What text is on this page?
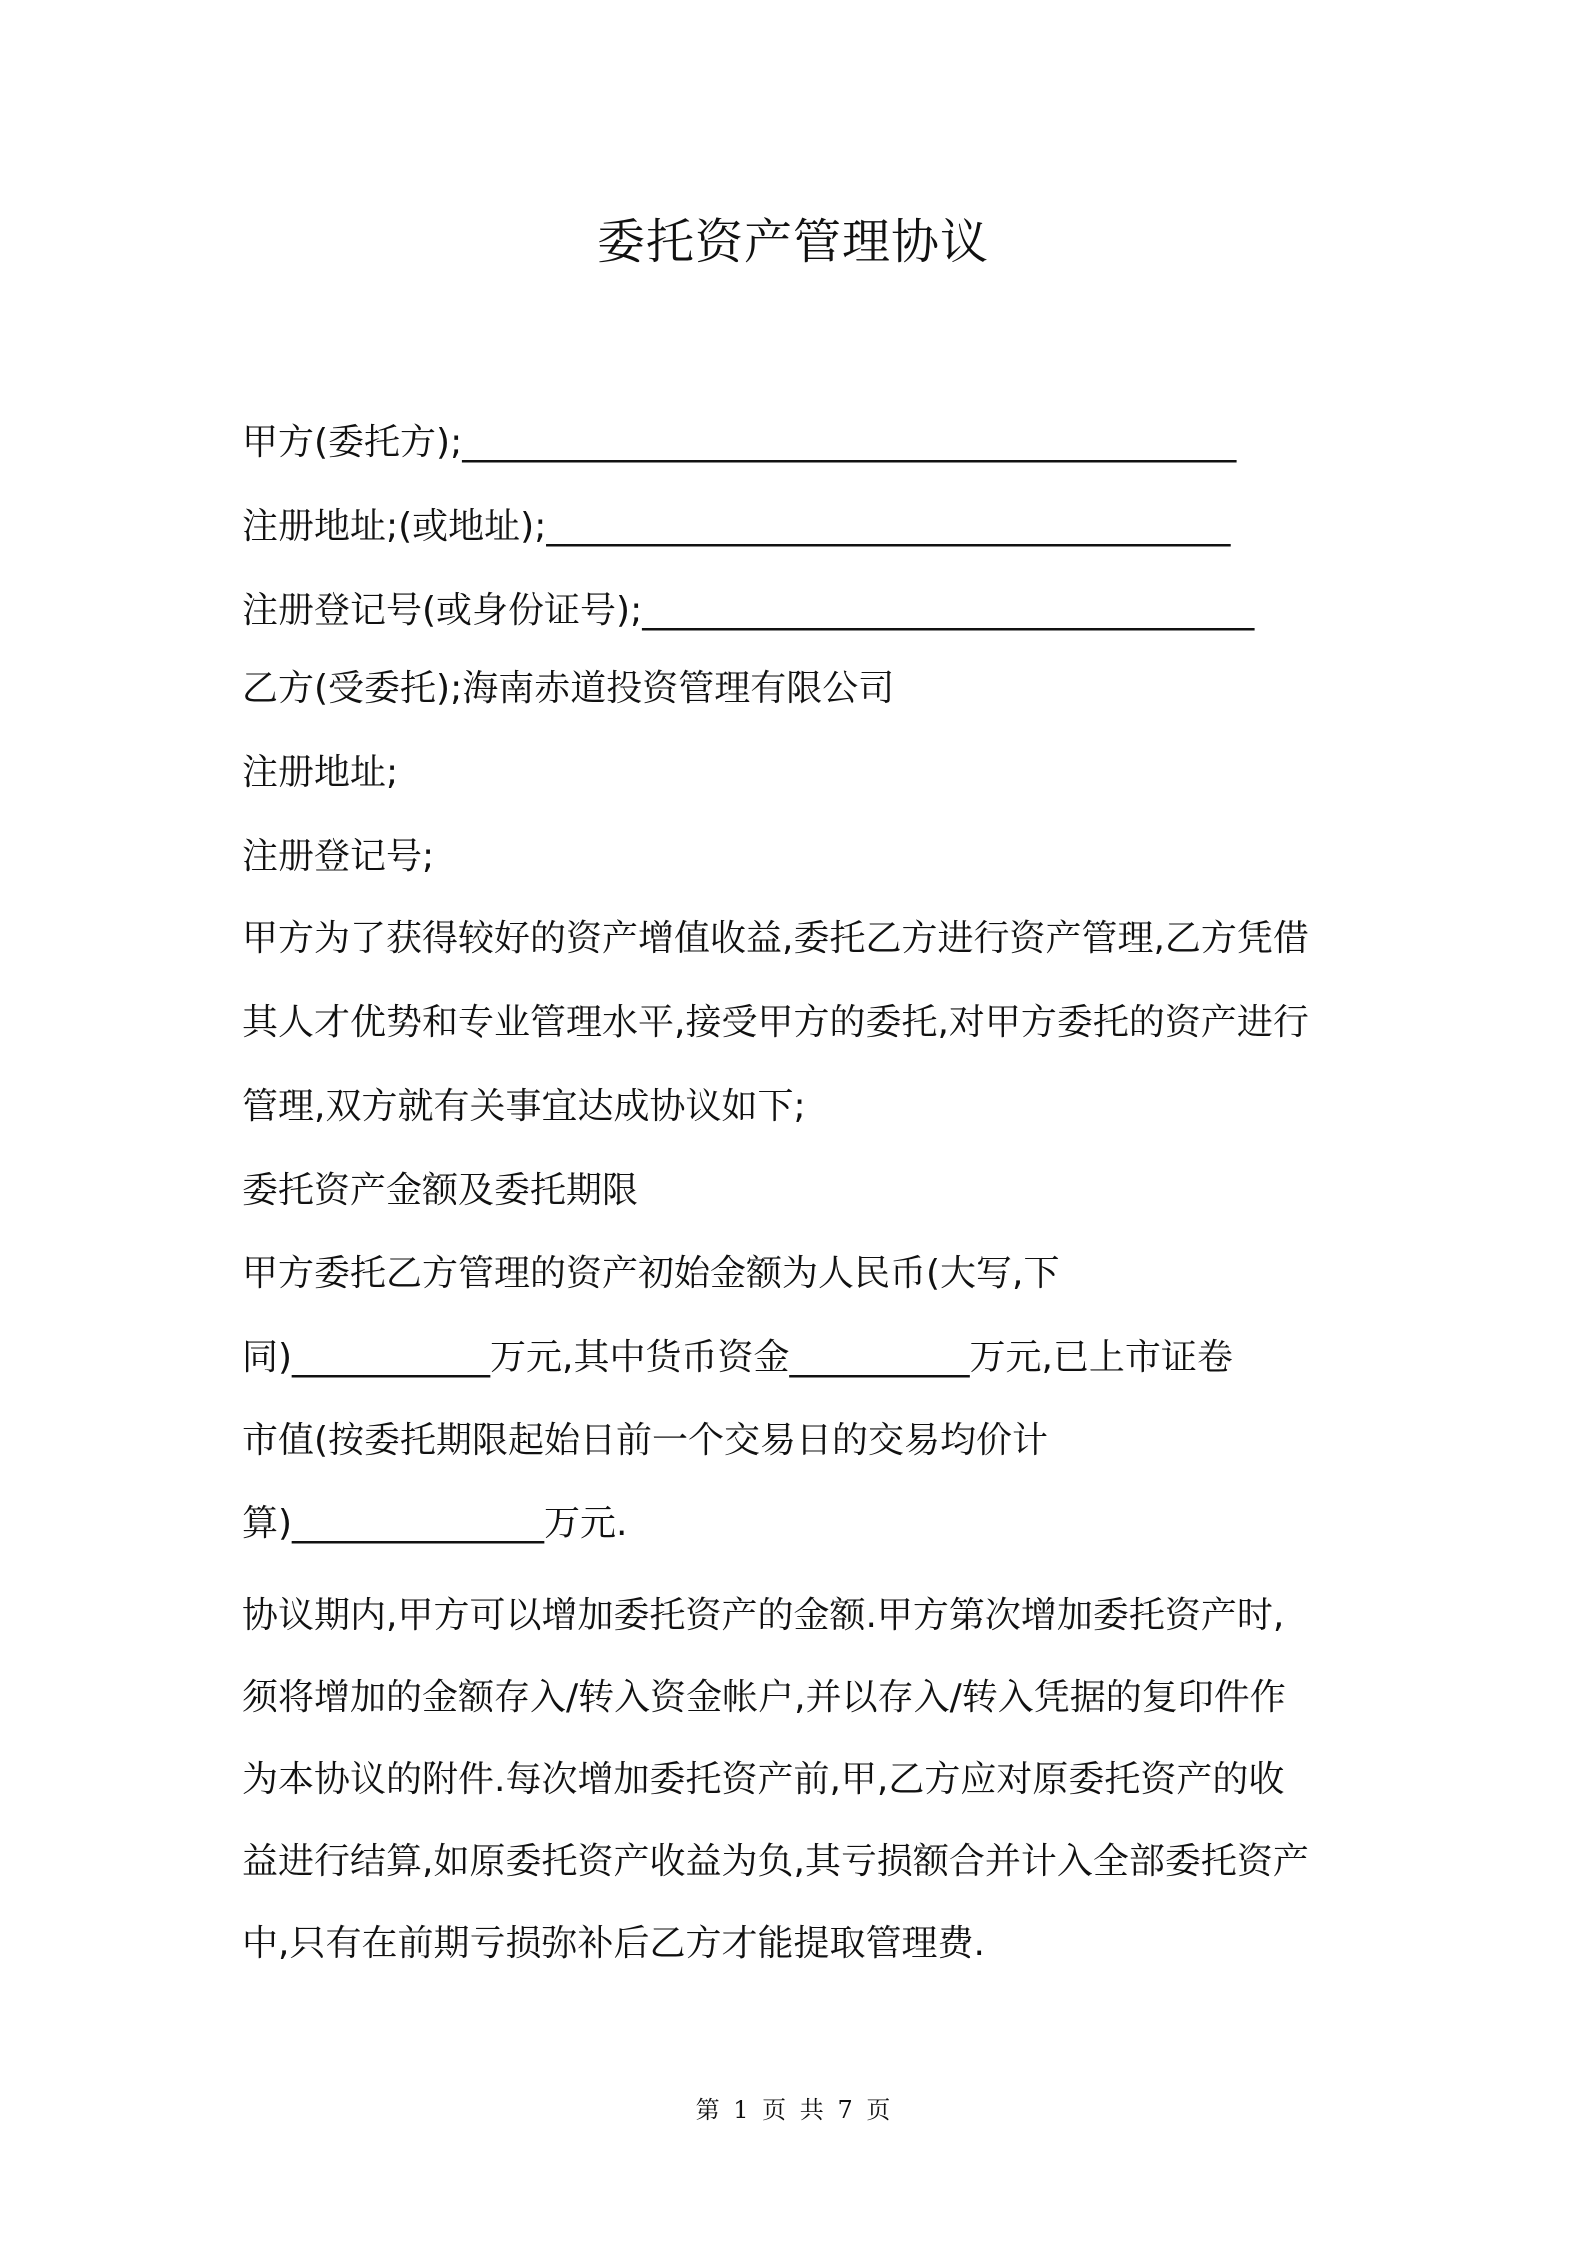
委托资产管理协议
甲方(委托方);___________________________________________
注册地址;(或地址);______________________________________
注册登记号(或身份证号);__________________________________
乙方(受委托);海南赤道投资管理有限公司
注册地址;
注册登记号;
甲方为了获得较好的资产增值收益,委托乙方进行资产管理,乙方凭借
其人才优势和专业管理水平,接受甲方的委托,对甲方委托的资产进行
管理,双方就有关事宜达成协议如下;
委托资产金额及委托期限
甲方委托乙方管理的资产初始金额为人民币(大写,下
同)___________万元,其中货币资金__________万元,已上市证卷
市值(按委托期限起始日前一个交易日的交易均价计
算)______________万元.
协议期内,甲方可以增加委托资产的金额.甲方第次增加委托资产时,
须将增加的金额存入/转入资金帐户,并以存入/转入凭据的复印件作
为本协议的附件.每次增加委托资产前,甲,乙方应对原委托资产的收
益进行结算,如原委托资产收益为负,其亏损额合并计入全部委托资产
中,只有在前期亏损弥补后乙方才能提取管理费.
第 1 页 共 7 页
